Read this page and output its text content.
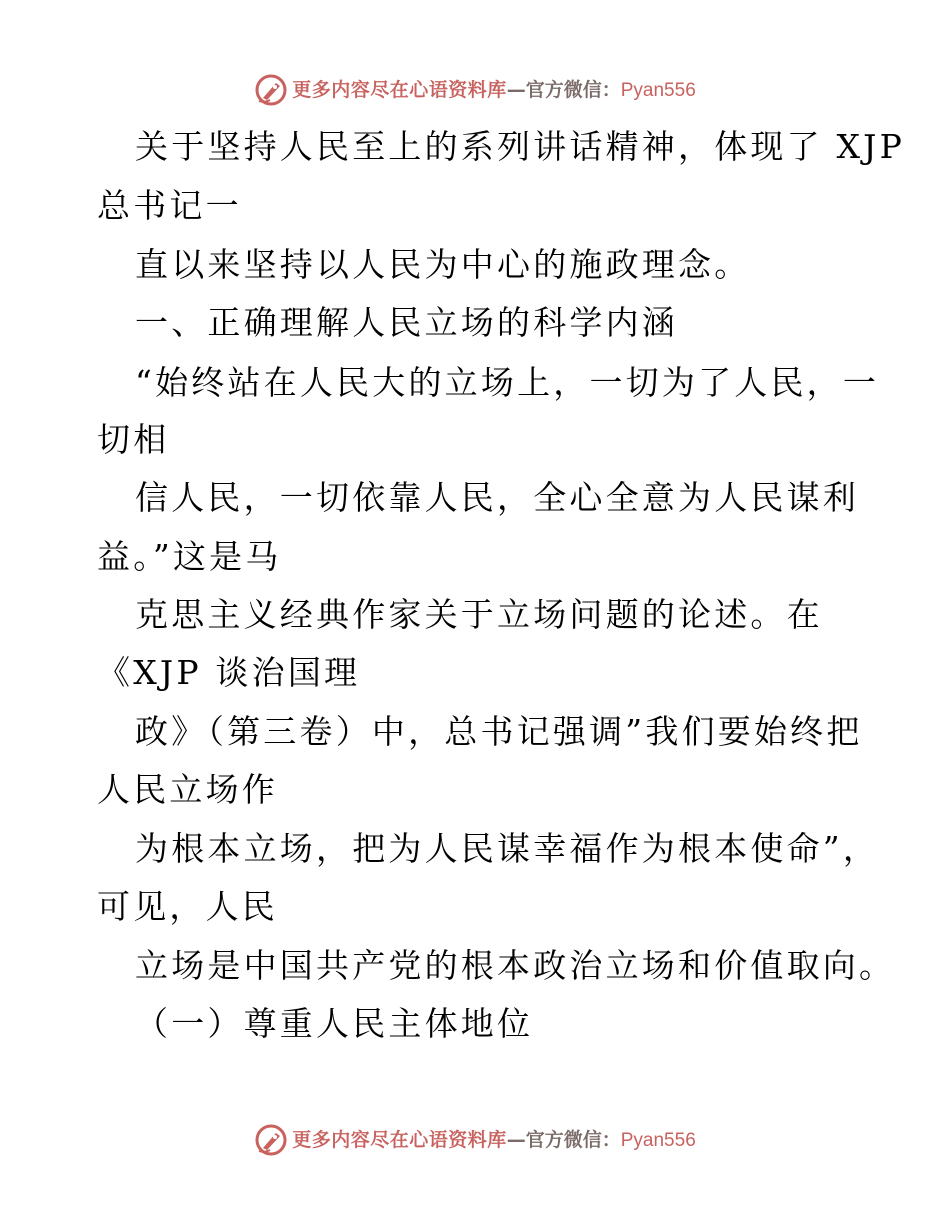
更多内容尽在心语资料库—官方微信：Pyan556
关于坚持人民至上的系列讲话精神，体现了 XJP
总书记一
直以来坚持以人民为中心的施政理念。
一、正确理解人民立场的科学内涵
“始终站在人民大的立场上，一切为了人民，一
切相
信人民，一切依靠人民，全心全意为人民谋利
益。”这是马
克思主义经典作家关于立场问题的论述。在
《XJP 谈治国理
政》（第三卷）中，总书记强调”我们要始终把
人民立场作
为根本立场，把为人民谋幸福作为根本使命”，
可见，人民
立场是中国共产党的根本政治立场和价值取向。
（一）尊重人民主体地位
更多内容尽在心语资料库—官方微信：Pyan556
